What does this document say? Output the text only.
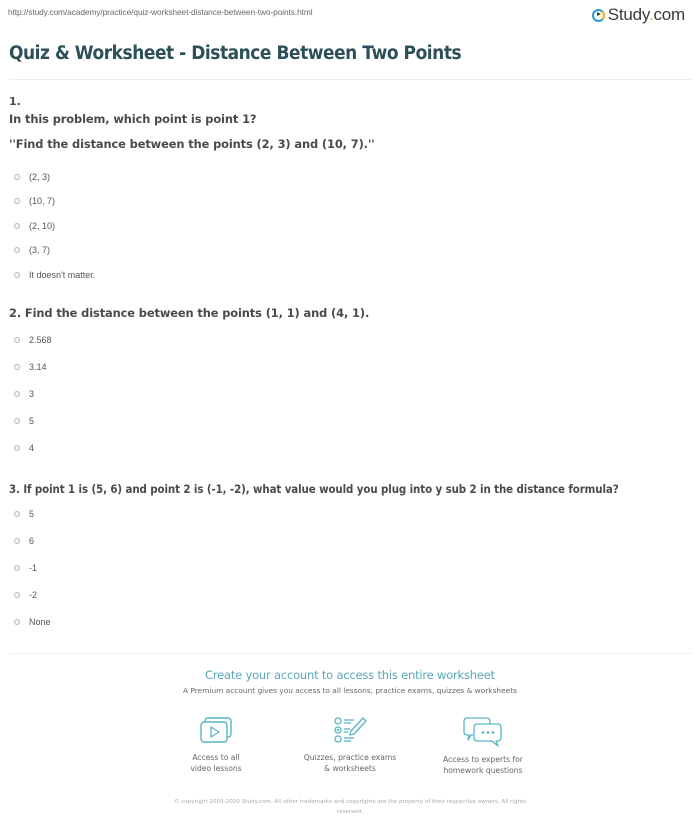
http://study.com/academy/practice/quiz-worksheet-distance-between-two-points.html	Study.com
Quiz & Worksheet - Distance Between Two Points
1.
In this problem, which point is point 1?
''Find the distance between the points (2, 3) and (10, 7).''
(2, 3)
(10, 7)
(2, 10)
(3, 7)
It doesn't matter.
2. Find the distance between the points (1, 1) and (4, 1).
2.568
3.14
3
5
4
3. If point 1 is (5, 6) and point 2 is (-1, -2), what value would you plug into y sub 2 in the distance formula?
5
6
-1
-2
None
Create your account to access this entire worksheet
A Premium account gives you access to all lessons, practice exams, quizzes & worksheets
Access to all
video lessons
Quizzes, practice exams
& worksheets
Access to experts for
homework questions
© copyright 2003-2020 Study.com. All other trademarks and copyrights are the property of their respective owners. All rights
reserved.
